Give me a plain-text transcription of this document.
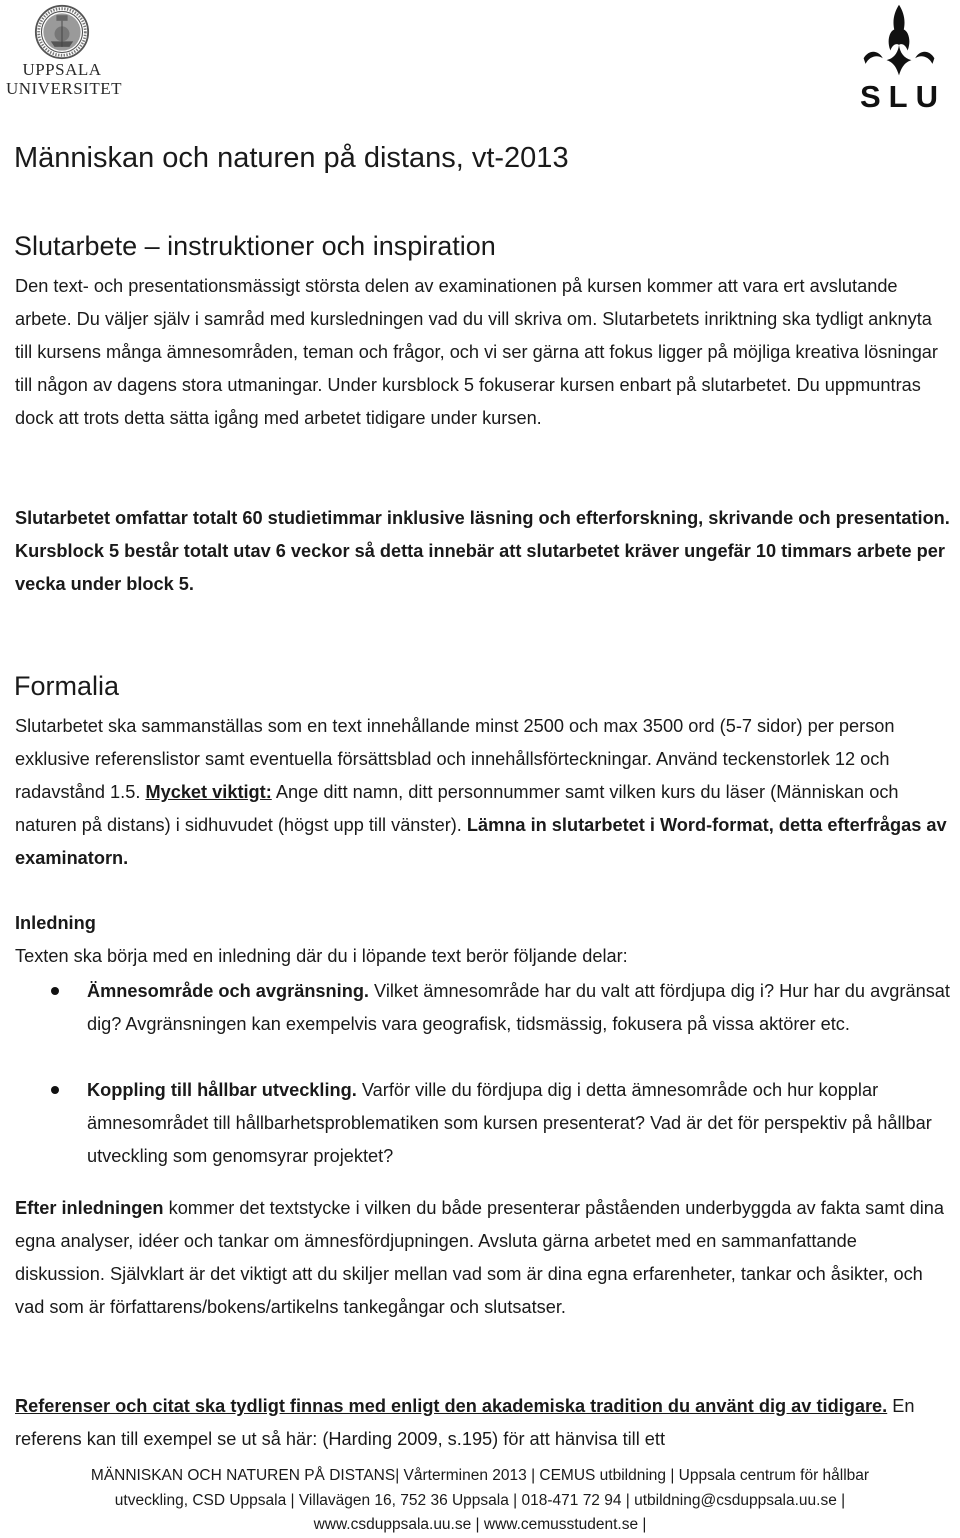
UPPSALA
UNIVERSITET	SLU
Människan och naturen på distans, vt-2013
Slutarbete – instruktioner och inspiration

Den text- och presentationsmässigt största delen av examinationen på kursen kommer att vara ert avslutande arbete. Du väljer själv i samråd med kursledningen vad du vill skriva om. Slutarbetets inriktning ska tydligt anknyta till kursens många ämnesområden, teman och frågor, och vi ser gärna att fokus ligger på möjliga kreativa lösningar till någon av dagens stora utmaningar. Under kursblock 5 fokuserar kursen enbart på slutarbetet. Du uppmuntras dock att trots detta sätta igång med arbetet tidigare under kursen.

Slutarbetet omfattar totalt 60 studietimmar inklusive läsning och efterforskning, skrivande och presentation. Kursblock 5 består totalt utav 6 veckor så detta innebär att slutarbetet kräver ungefär 10 timmars arbete per vecka under block 5.

Formalia

Slutarbetet ska sammanställas som en text innehållande minst 2500 och max 3500 ord (5-7 sidor) per person exklusive referenslistor samt eventuella försättsblad och innehållsförteckningar. Använd teckenstorlek 12 och radavstånd 1.5. Mycket viktigt: Ange ditt namn, ditt personnummer samt vilken kurs du läser (Människan och naturen på distans) i sidhuvudet (högst upp till vänster). Lämna in slutarbetet i Word-format, detta efterfrågas av examinatorn.

Inledning

Texten ska börja med en inledning där du i löpande text berör följande delar:

Ämnesområde och avgränsning. Vilket ämnesområde har du valt att fördjupa dig i? Hur har du avgränsat dig? Avgränsningen kan exempelvis vara geografisk, tidsmässig, fokusera på vissa aktörer etc.
Koppling till hållbar utveckling. Varför ville du fördjupa dig i detta ämnesområde och hur kopplar ämnesområdet till hållbarhetsproblematiken som kursen presenterat? Vad är det för perspektiv på hållbar utveckling som genomsyrar projektet?

Efter inledningen kommer det textstycke i vilken du både presenterar påståenden underbyggda av fakta samt dina egna analyser, idéer och tankar om ämnesfördjupningen. Avsluta gärna arbetet med en sammanfattande diskussion. Självklart är det viktigt att du skiljer mellan vad som är dina egna erfarenheter, tankar och åsikter, och vad som är författarens/bokens/artikelns tankegångar och slutsatser.

Referenser och citat ska tydligt finnas med enligt den akademiska tradition du använt dig av tidigare. En referens kan till exempel se ut så här: (Harding 2009, s.195) för att hänvisa till ett

MÄNNISKAN OCH NATUREN PÅ DISTANS| Vårterminen 2013 | CEMUS utbildning | Uppsala centrum för hållbar
utveckling, CSD Uppsala | Villavägen 16, 752 36 Uppsala | 018-471 72 94 | utbildning@csduppsala.uu.se |
www.csduppsala.uu.se | www.cemusstudent.se |
